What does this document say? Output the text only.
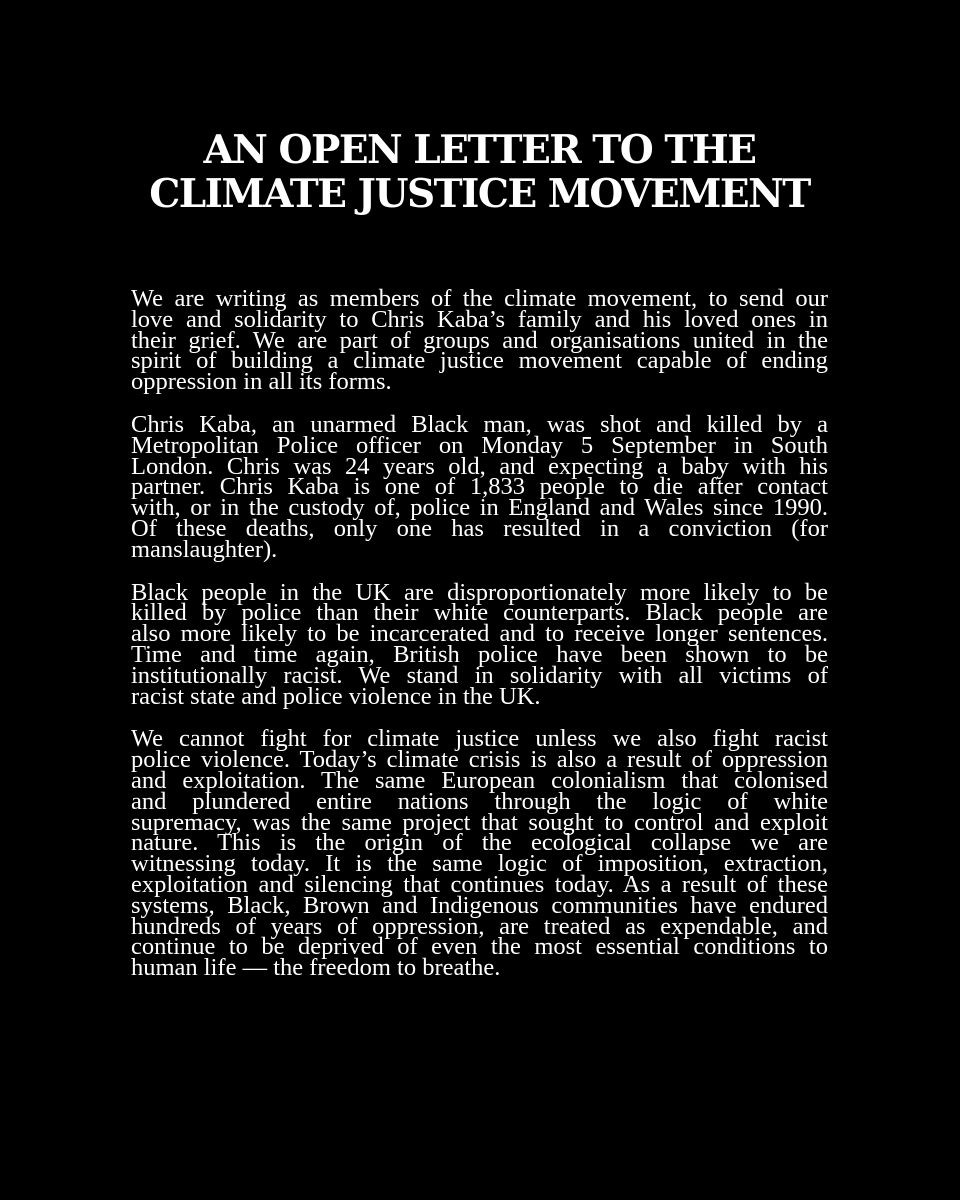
AN OPEN LETTER TO THE
CLIMATE JUSTICE MOVEMENT

We are writing as members of the climate movement, to send our
love and solidarity to Chris Kaba’s family and his loved ones in
their grief. We are part of groups and organisations united in the
spirit of building a climate justice movement capable of ending
oppression in all its forms.

Chris Kaba, an unarmed Black man, was shot and killed by a
Metropolitan Police officer on Monday 5 September in South
London. Chris was 24 years old, and expecting a baby with his
partner. Chris Kaba is one of 1,833 people to die after contact
with, or in the custody of, police in England and Wales since 1990.
Of these deaths, only one has resulted in a conviction (for
manslaughter).

Black people in the UK are disproportionately more likely to be
killed by police than their white counterparts. Black people are
also more likely to be incarcerated and to receive longer sentences.
Time and time again, British police have been shown to be
institutionally racist. We stand in solidarity with all victims of
racist state and police violence in the UK.

We cannot fight for climate justice unless we also fight racist
police violence. Today’s climate crisis is also a result of oppression
and exploitation. The same European colonialism that colonised
and plundered entire nations through the logic of white
supremacy, was the same project that sought to control and exploit
nature. This is the origin of the ecological collapse we are
witnessing today. It is the same logic of imposition, extraction,
exploitation and silencing that continues today. As a result of these
systems, Black, Brown and Indigenous communities have endured
hundreds of years of oppression, are treated as expendable, and
continue to be deprived of even the most essential conditions to
human life — the freedom to breathe.
